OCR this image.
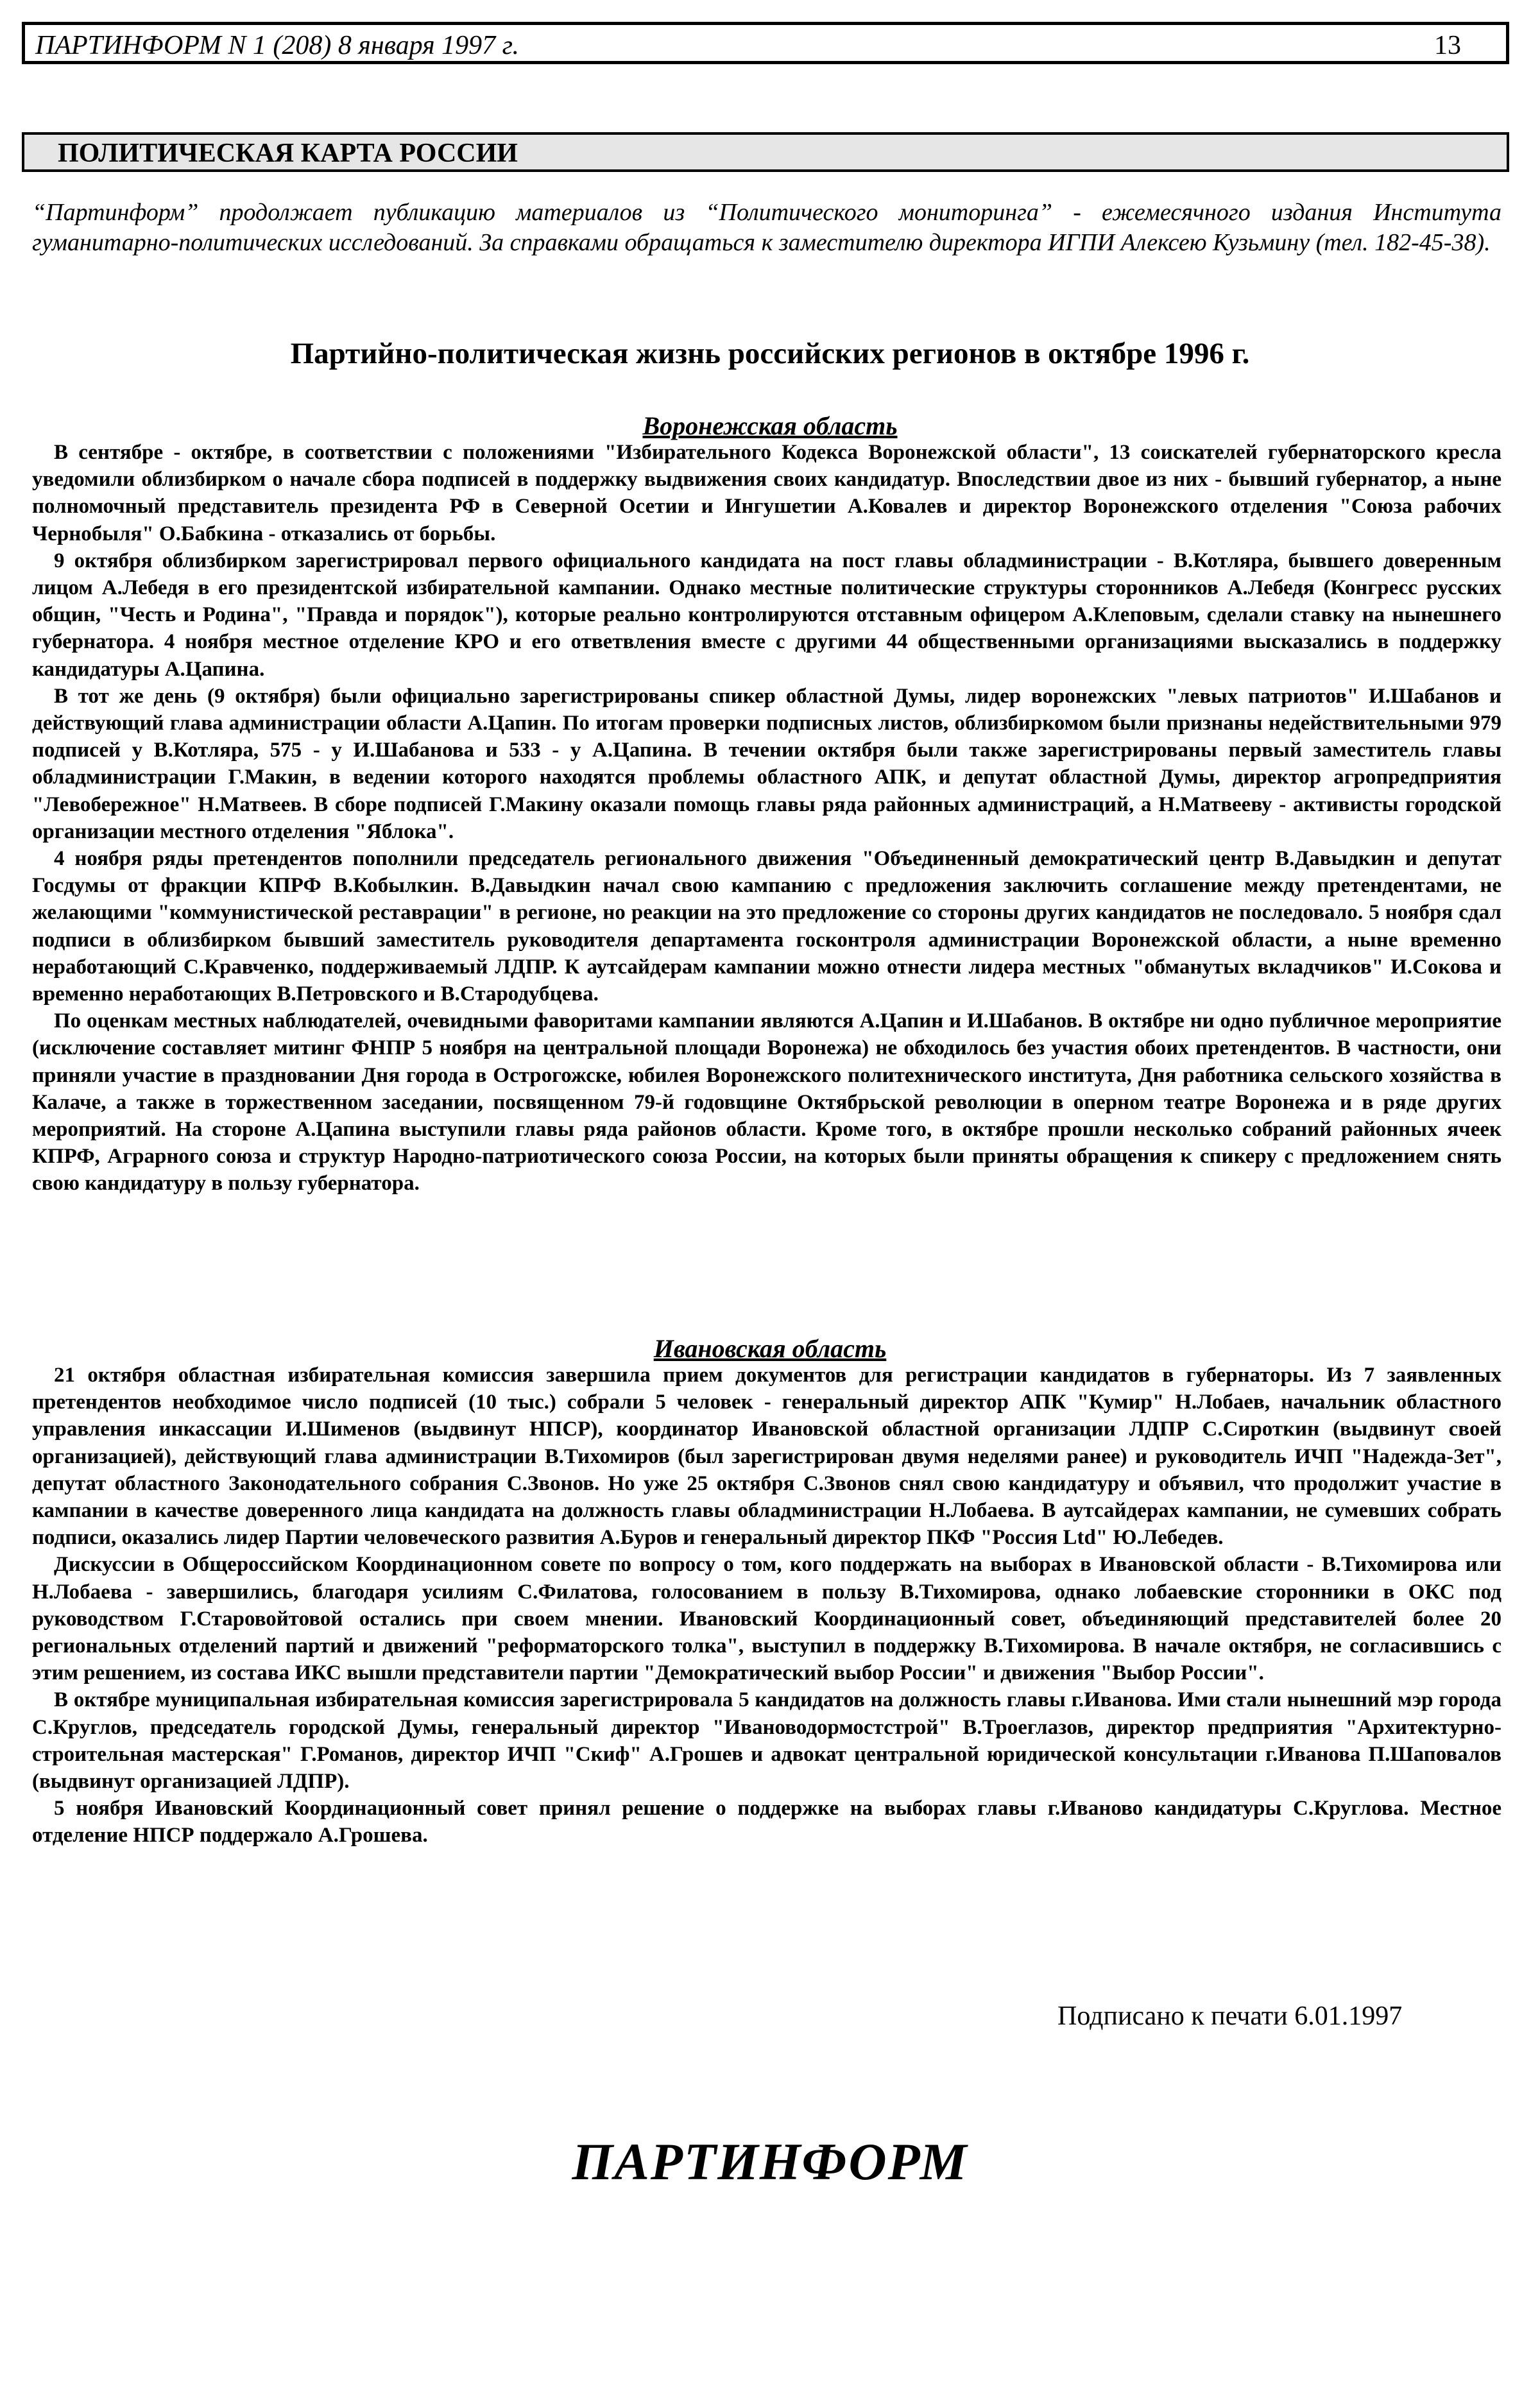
ПАРТИНФОРМ N 1 (208) 8 января 1997 г.	13
ПОЛИТИЧЕСКАЯ КАРТА РОССИИ
“Партинформ” продолжает публикацию материалов из “Политического мониторинга” - ежемесячного издания Института гуманитарно-политических исследований. За справками обращаться к заместителю директора ИГПИ Алексею Кузьмину (тел. 182-45-38).
Партийно-политическая жизнь российских регионов в октябре 1996 г.
Воронежская область

В сентябре - октябре, в соответствии с положениями "Избирательного Кодекса Воронежской области", 13 соискателей губернаторского кресла уведомили облизбирком о начале сбора подписей в поддержку выдвижения своих кандидатур. Впоследствии двое из них - бывший губернатор, а ныне полномочный представитель президента РФ в Северной Осетии и Ингушетии А.Ковалев и директор Воронежского отделения "Союза рабочих Чернобыля" О.Бабкина - отказались от борьбы.

9 октября облизбирком зарегистрировал первого официального кандидата на пост главы обладминистрации - В.Котляра, бывшего доверенным лицом А.Лебедя в его президентской избирательной кампании. Однако местные политические структуры сторонников А.Лебедя (Конгресс русских общин, "Честь и Родина", "Правда и порядок"), которые реально контролируются отставным офицером А.Клеповым, сделали ставку на нынешнего губернатора. 4 ноября местное отделение КРО и его ответвления вместе с другими 44 общественными организациями высказались в поддержку кандидатуры А.Цапина.

В тот же день (9 октября) были официально зарегистрированы спикер областной Думы, лидер воронежских "левых патриотов" И.Шабанов и действующий глава администрации области А.Цапин. По итогам проверки подписных листов, облизбиркомом были признаны недействительными 979 подписей у В.Котляра, 575 - у И.Шабанова и 533 - у А.Цапина. В течении октября были также зарегистрированы первый заместитель главы обладминистрации Г.Макин, в ведении которого находятся проблемы областного АПК, и депутат областной Думы, директор агропредприятия "Левобережное" Н.Матвеев. В сборе подписей Г.Макину оказали помощь главы ряда районных администраций, а Н.Матвееву - активисты городской организации местного отделения "Яблока".

4 ноября ряды претендентов пополнили председатель регионального движения "Объединенный демократический центр В.Давыдкин и депутат Госдумы от фракции КПРФ В.Кобылкин. В.Давыдкин начал свою кампанию с предложения заключить соглашение между претендентами, не желающими "коммунистической реставрации" в регионе, но реакции на это предложение со стороны других кандидатов не последовало. 5 ноября сдал подписи в облизбирком бывший заместитель руководителя департамента госконтроля администрации Воронежской области, а ныне временно неработающий С.Кравченко, поддерживаемый ЛДПР. К аутсайдерам кампании можно отнести лидера местных "обманутых вкладчиков" И.Сокова и временно неработающих В.Петровского и В.Стародубцева.

По оценкам местных наблюдателей, очевидными фаворитами кампании являются А.Цапин и И.Шабанов. В октябре ни одно публичное мероприятие (исключение составляет митинг ФНПР 5 ноября на центральной площади Воронежа) не обходилось без участия обоих претендентов. В частности, они приняли участие в праздновании Дня города в Острогожске, юбилея Воронежского политехнического института, Дня работника сельского хозяйства в Калаче, а также в торжественном заседании, посвященном 79-й годовщине Октябрьской революции в оперном театре Воронежа и в ряде других мероприятий. На стороне А.Цапина выступили главы ряда районов области. Кроме того, в октябре прошли несколько собраний районных ячеек КПРФ, Аграрного союза и структур Народно-патриотического союза России, на которых были приняты обращения к спикеру с предложением снять свою кандидатуру в пользу губернатора.

Ивановская область

21 октября областная избирательная комиссия завершила прием документов для регистрации кандидатов в губернаторы. Из 7 заявленных претендентов необходимое число подписей (10 тыс.) собрали 5 человек - генеральный директор АПК "Кумир" Н.Лобаев, начальник областного управления инкассации И.Шименов (выдвинут НПСР), координатор Ивановской областной организации ЛДПР С.Сироткин (выдвинут своей организацией), действующий глава администрации В.Тихомиров (был зарегистрирован двумя неделями ранее) и руководитель ИЧП "Надежда-Зет", депутат областного Законодательного собрания С.Звонов. Но уже 25 октября С.Звонов снял свою кандидатуру и объявил, что продолжит участие в кампании в качестве доверенного лица кандидата на должность главы обладминистрации Н.Лобаева. В аутсайдерах кампании, не сумевших собрать подписи, оказались лидер Партии человеческого развития А.Буров и генеральный директор ПКФ "Россия Ltd" Ю.Лебедев.

Дискуссии в Общероссийском Координационном совете по вопросу о том, кого поддержать на выборах в Ивановской области - В.Тихомирова или Н.Лобаева - завершились, благодаря усилиям С.Филатова, голосованием в пользу В.Тихомирова, однако лобаевские сторонники в ОКС под руководством Г.Старовойтовой остались при своем мнении. Ивановский Координационный совет, объединяющий представителей более 20 региональных отделений партий и движений "реформаторского толка", выступил в поддержку В.Тихомирова. В начале октября, не согласившись с этим решением, из состава ИКС вышли представители партии "Демократический выбор России" и движения "Выбор России".

В октябре муниципальная избирательная комиссия зарегистрировала 5 кандидатов на должность главы г.Иванова. Ими стали нынешний мэр города С.Круглов, председатель городской Думы, генеральный директор "Ивановодормостстрой" В.Троеглазов, директор предприятия "Архитектурно-строительная мастерская" Г.Романов, директор ИЧП "Скиф" А.Грошев и адвокат центральной юридической консультации г.Иванова П.Шаповалов (выдвинут организацией ЛДПР).

5 ноября Ивановский Координационный совет принял решение о поддержке на выборах главы г.Иваново кандидатуры С.Круглова. Местное отделение НПСР поддержало А.Грошева.

Подписано к печати 6.01.1997
ПАРТИНФОРМ
